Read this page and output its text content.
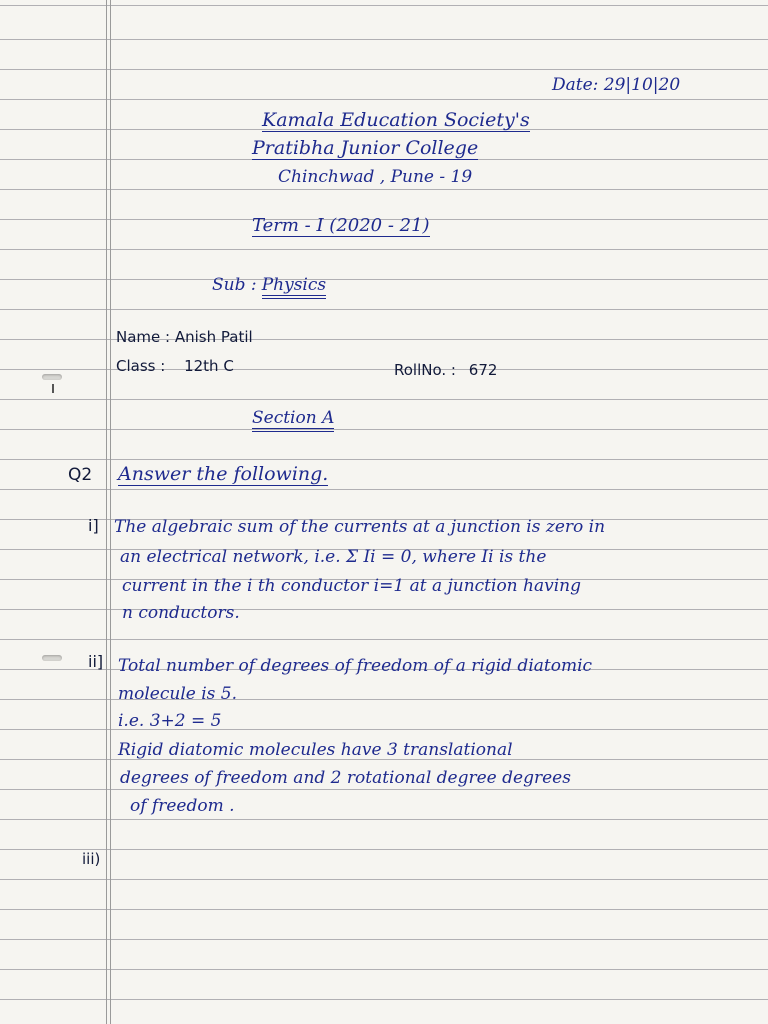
Date: 29|10|20
Kamala Education Society's
Pratibha Junior College
Chinchwad , Pune - 19
Term - I (2020 - 21)
Sub : Physics
Name : Anish Patil
Class : 12th C	RollNo. : 672
Section A
Q2 Answer the following.
i] The algebraic sum of the currents at a junction is zero in
an electrical network, i.e. Σ Ii = 0, where Ii is the
current in the i th conductor i=1 at a junction having
n conductors.
ii] Total number of degrees of freedom of a rigid diatomic
molecule is 5.
i.e. 3+2 = 5
Rigid diatomic molecules have 3 translational
degrees of freedom and 2 rotational degree degrees
of freedom .
iii)
